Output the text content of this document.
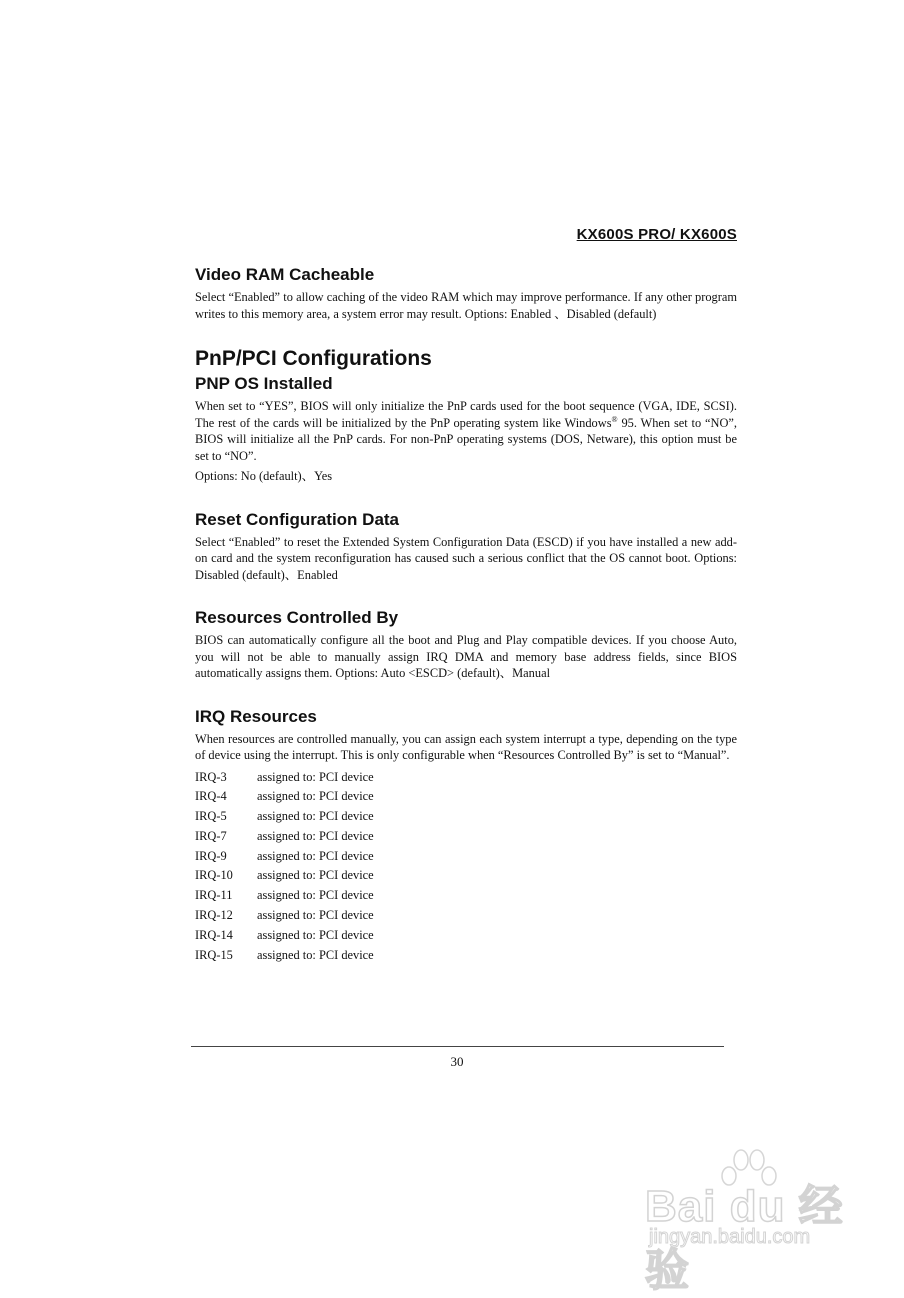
KX600S PRO/ KX600S
Video RAM Cacheable

Select “Enabled” to allow caching of the video RAM which may improve performance. If any other program writes to this memory area, a system error may result. Options: Enabled 、Disabled (default)

PnP/PCI Configurations
PNP OS Installed

When set to “YES”, BIOS will only initialize the PnP cards used for the boot sequence (VGA, IDE, SCSI). The rest of the cards will be initialized by the PnP operating system like Windows® 95. When set to “NO”, BIOS will initialize all the PnP cards. For non-PnP operating systems (DOS, Netware), this option must be set to “NO”.

Options: No (default)、Yes

Reset Configuration Data

Select “Enabled” to reset the Extended System Configuration Data (ESCD) if you have installed a new add-on card and the system reconfiguration has caused such a serious conflict that the OS cannot boot. Options: Disabled (default)、Enabled

Resources Controlled By

BIOS can automatically configure all the boot and Plug and Play compatible devices. If you choose Auto, you will not be able to manually assign IRQ DMA and memory base address fields, since BIOS automatically assigns them. Options: Auto <ESCD> (default)、Manual

IRQ Resources

When resources are controlled manually, you can assign each system interrupt a type, depending on the type of device using the interrupt. This is only configurable when “Resources Controlled By” is set to “Manual”.

IRQ-3	assigned to: PCI device
IRQ-4	assigned to: PCI device
IRQ-5	assigned to: PCI device
IRQ-7	assigned to: PCI device
IRQ-9	assigned to: PCI device
IRQ-10	assigned to: PCI device
IRQ-11	assigned to: PCI device
IRQ-12	assigned to: PCI device
IRQ-14	assigned to: PCI device
IRQ-15	assigned to: PCI device
30
Bai du 经验
jingyan.baidu.com
